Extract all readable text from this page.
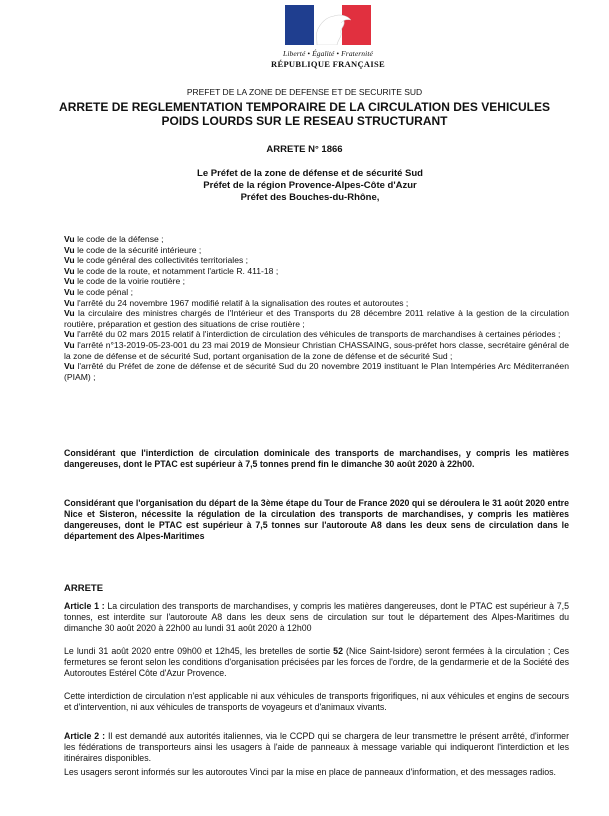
Liberté • Égalité • Fraternité
RÉPUBLIQUE FRANÇAISE
PREFET DE LA ZONE DE DEFENSE ET DE SECURITE SUD
ARRETE DE REGLEMENTATION TEMPORAIRE DE LA CIRCULATION DES VEHICULES
POIDS LOURDS SUR LE RESEAU STRUCTURANT
ARRETE N° 1866
Le Préfet de la zone de défense et de sécurité Sud
Préfet de la région Provence-Alpes-Côte d'Azur
Préfet des Bouches-du-Rhône,

Vu le code de la défense ;

Vu le code de la sécurité intérieure ;

Vu le code général des collectivités territoriales ;

Vu le code de la route, et notamment l'article R. 411-18 ;

Vu le code de la voirie routière ;

Vu le code pénal ;

Vu l'arrêté du 24 novembre 1967 modifié relatif à la signalisation des routes et autoroutes ;

Vu la circulaire des ministres chargés de l'Intérieur et des Transports du 28 décembre 2011 relative à la gestion de la circulation routière, préparation et gestion des situations de crise routière ;

Vu l'arrêté du 02 mars 2015 relatif à l'interdiction de circulation des véhicules de transports de marchandises à certaines périodes ;

Vu l'arrêté n°13-2019-05-23-001 du 23 mai 2019 de Monsieur Christian CHASSAING, sous-préfet hors classe, secrétaire général de la zone de défense et de sécurité Sud, portant organisation de la zone de défense et de sécurité Sud ;

Vu l'arrêté du Préfet de zone de défense et de sécurité Sud du 20 novembre 2019 instituant le Plan Intempéries Arc Méditerranéen (PIAM) ;

Considérant que l'interdiction de circulation dominicale des transports de marchandises, y compris les matières dangereuses, dont le PTAC est supérieur à 7,5 tonnes prend fin le dimanche 30 août 2020 à 22h00.

Considérant que l'organisation du départ de la 3ème étape du Tour de France 2020 qui se déroulera le 31 août 2020 entre Nice et Sisteron, nécessite la régulation de la circulation des transports de marchandises, y compris les matières dangereuses, dont le PTAC est supérieur à 7,5 tonnes sur l'autoroute A8 dans les deux sens de circulation dans le département des Alpes-Maritimes

ARRETE

Article 1 : La circulation des transports de marchandises, y compris les matières dangereuses, dont le PTAC est supérieur à 7,5 tonnes, est interdite sur l'autoroute A8 dans les deux sens de circulation sur tout le département des Alpes-Maritimes du dimanche 30 août 2020 à 22h00 au lundi 31 août 2020 à 12h00

Le lundi 31 août 2020 entre 09h00 et 12h45, les bretelles de sortie 52 (Nice Saint-Isidore) seront fermées à la circulation ; Ces fermetures se feront selon les conditions d'organisation précisées par les forces de l'ordre, de la gendarmerie et de la Société des Autoroutes Estérel Côte d'Azur Provence.

Cette interdiction de circulation n'est applicable ni aux véhicules de transports frigorifiques, ni aux véhicules et engins de secours et d'intervention, ni aux véhicules de transports de voyageurs et d'animaux vivants.

Article 2 : Il est demandé aux autorités italiennes, via le CCPD qui se chargera de leur transmettre le présent arrêté, d'informer les fédérations de transporteurs ainsi les usagers à l'aide de panneaux à message variable qui indiqueront l'interdiction et les itinéraires disponibles.

Les usagers seront informés sur les autoroutes Vinci par la mise en place de panneaux d'information, et des messages radios.
